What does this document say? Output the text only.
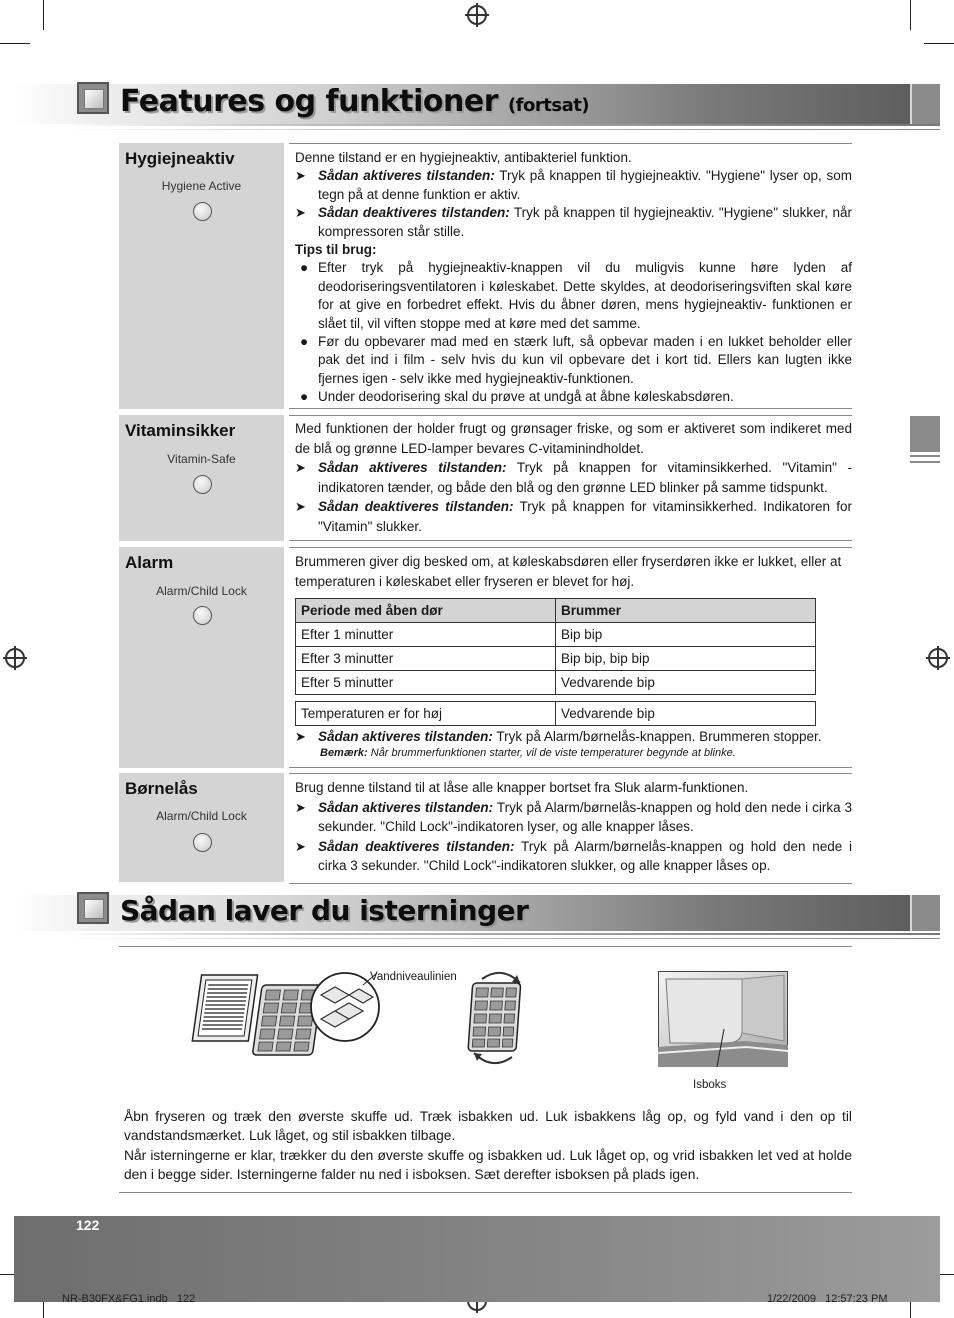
Features og funktioner (fortsat)
Hygiejneaktiv
Hygiene Active

Denne tilstand er en hygiejneaktiv, antibakteriel funktion.

➤ Sådan aktiveres tilstanden: Tryk på knappen til hygiejneaktiv. "Hygiene" lyser op, som tegn på at denne funktion er aktiv.
➤ Sådan deaktiveres tilstanden: Tryk på knappen til hygiejneaktiv. "Hygiene" slukker, når kompressoren står stille.

Tips til brug:

● Efter tryk på hygiejneaktiv-knappen vil du muligvis kunne høre lyden af deodoriseringsventilatoren i køleskabet. Dette skyldes, at deodoriseringsviften skal køre for at give en forbedret effekt. Hvis du åbner døren, mens hygiejneaktiv- funktionen er slået til, vil viften stoppe med at køre med det samme.
● Før du opbevarer mad med en stærk luft, så opbevar maden i en lukket beholder eller pak det ind i film - selv hvis du kun vil opbevare det i kort tid. Ellers kan lugten ikke fjernes igen - selv ikke med hygiejneaktiv-funktionen.
● Under deodorisering skal du prøve at undgå at åbne køleskabsdøren.
Vitaminsikker
Vitamin-Safe

Med funktionen der holder frugt og grønsager friske, og som er aktiveret som indikeret med de blå og grønne LED-lamper bevares C-vitaminindholdet.

➤ Sådan aktiveres tilstanden: Tryk på knappen for vitaminsikkerhed. "Vitamin" - indikatoren tænder, og både den blå og den grønne LED blinker på samme tidspunkt.
➤ Sådan deaktiveres tilstanden: Tryk på knappen for vitaminsikkerhed. Indikatoren for "Vitamin" slukker.
Alarm
Alarm/Child Lock

Brummeren giver dig besked om, at køleskabsdøren eller fryserdøren ikke er lukket, eller at temperaturen i køleskabet eller fryseren er blevet for høj.

Periode med åben dør	Brummer
Efter 1 minutter	Bip bip
Efter 3 minutter	Bip bip, bip bip
Efter 5 minutter	Vedvarende bip
Temperaturen er for høj	Vedvarende bip
➤ Sådan aktiveres tilstanden: Tryk på Alarm/børnelås-knappen. Brummeren stopper.
Bemærk: Når brummerfunktionen starter, vil de viste temperaturer begynde at blinke.
Børnelås
Alarm/Child Lock

Brug denne tilstand til at låse alle knapper bortset fra Sluk alarm-funktionen.

➤ Sådan aktiveres tilstanden: Tryk på Alarm/børnelås-knappen og hold den nede i cirka 3 sekunder. "Child Lock"-indikatoren lyser, og alle knapper låses.
➤ Sådan deaktiveres tilstanden: Tryk på Alarm/børnelås-knappen og hold den nede i cirka 3 sekunder. "Child Lock"-indikatoren slukker, og alle knapper låses op.
Sådan laver du isterninger
Vandniveaulinien
Isboks

Åbn fryseren og træk den øverste skuffe ud. Træk isbakken ud. Luk isbakkens låg op, og fyld vand i den op til vandstandsmærket. Luk låget, og stil isbakken tilbage.

Når isterningerne er klar, trækker du den øverste skuffe og isbakken ud. Luk låget op, og vrid isbakken let ved at holde den i begge sider. Isterningerne falder nu ned i isboksen. Sæt derefter isboksen på plads igen.

122
NR-B30FX&FG1.indb   122	1/22/2009   12:57:23 PM
